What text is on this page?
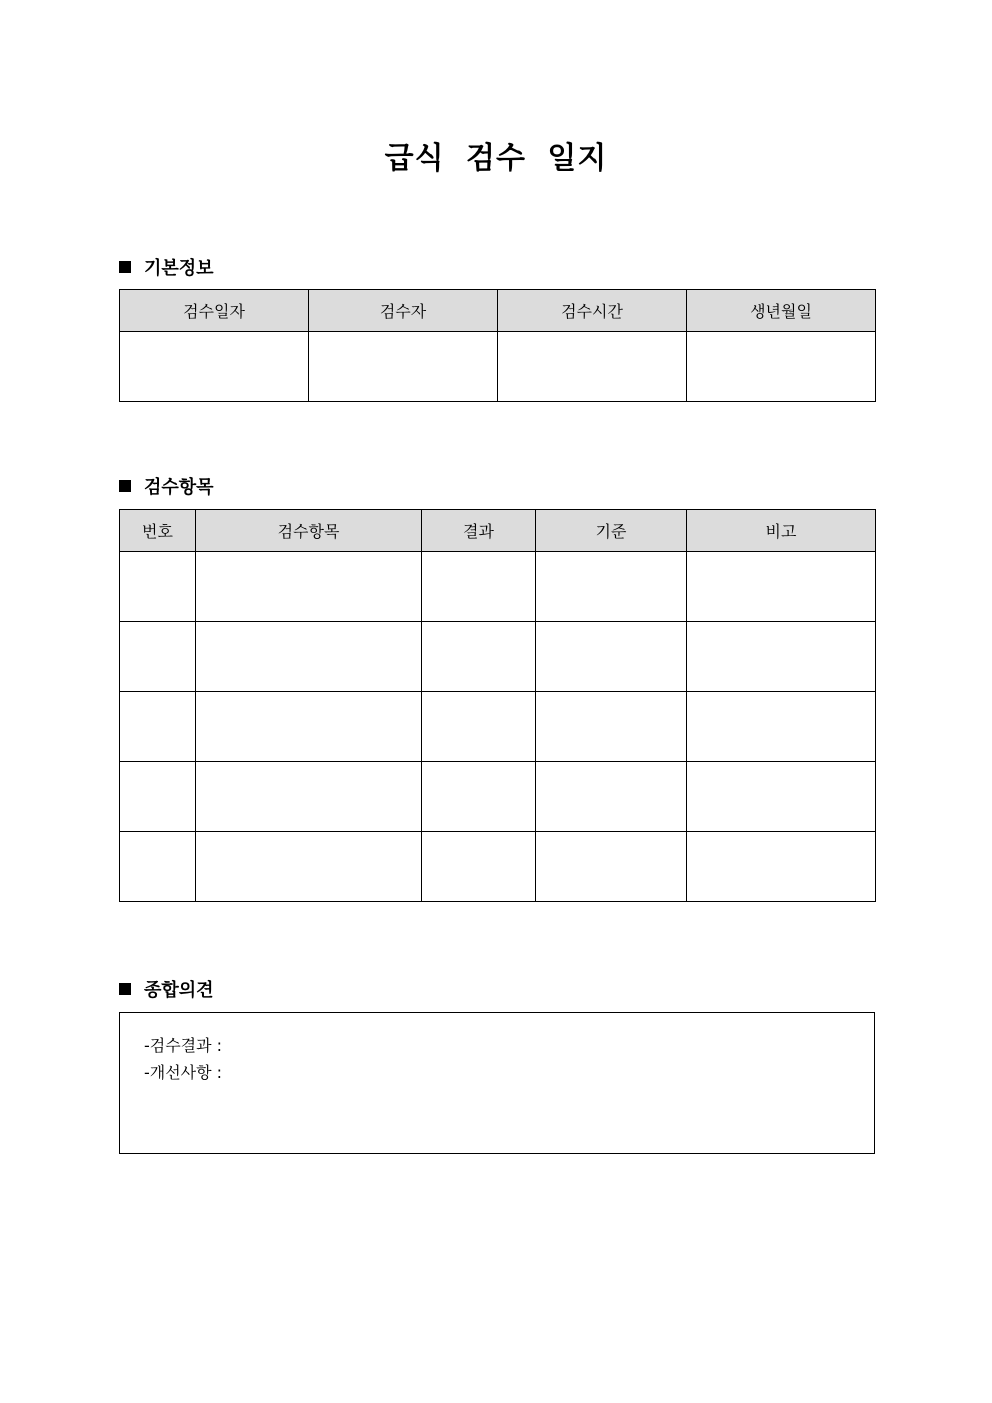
급식 검수 일지
기본정보
검수일자	검수자	검수시간	생년월일

검수항목
번호	검수항목	결과	기준	비고

종합의견
-검수결과 :
-개선사항 :
